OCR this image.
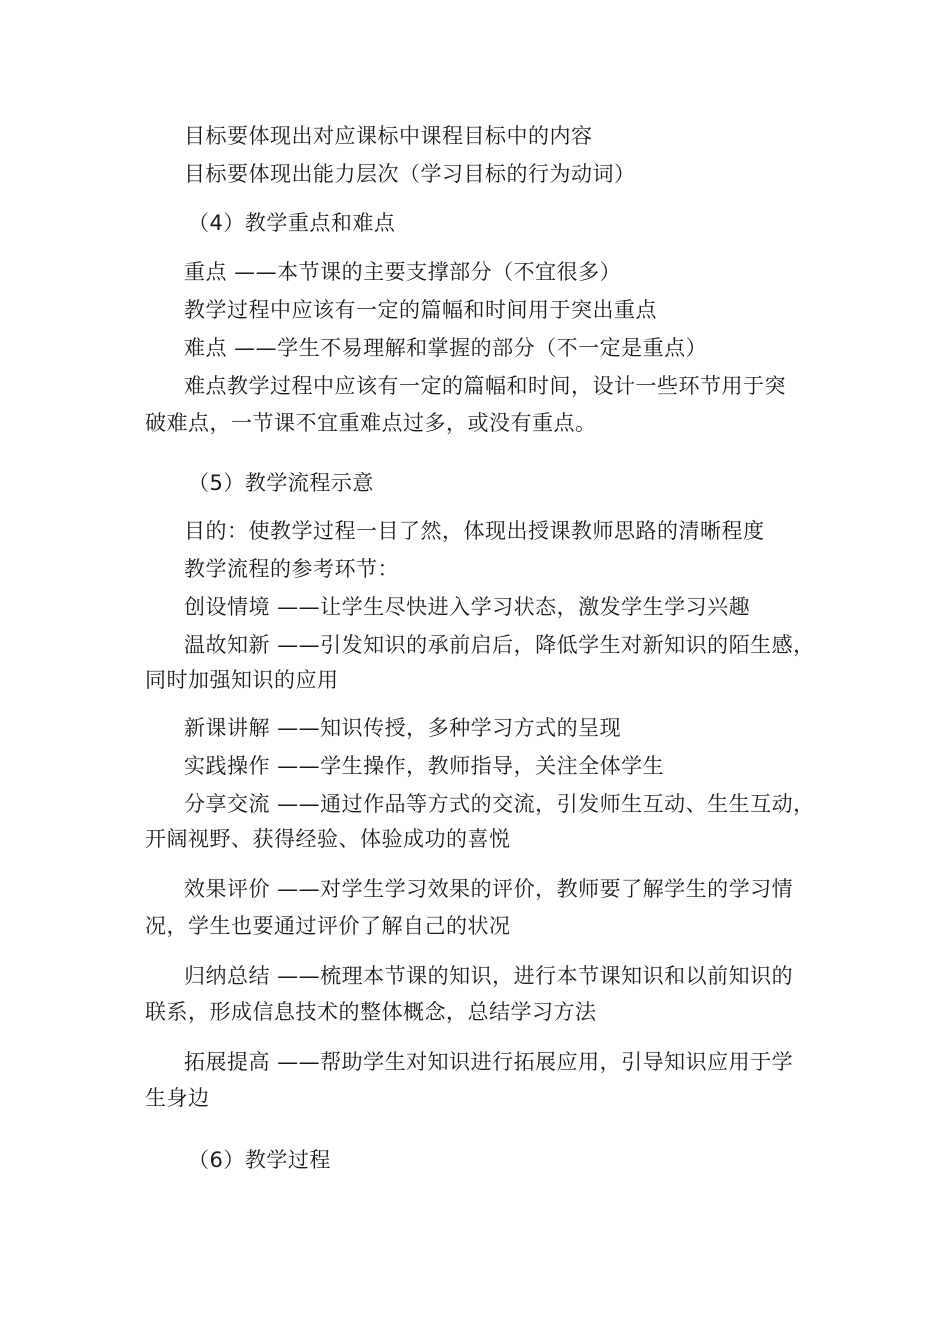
目标要体现出对应课标中课程目标中的内容
目标要体现出能力层次（学习目标的行为动词）
（4）教学重点和难点
重点 ——本节课的主要支撑部分（不宜很多）
教学过程中应该有一定的篇幅和时间用于突出重点
难点 ——学生不易理解和掌握的部分（不一定是重点）
难点教学过程中应该有一定的篇幅和时间，设计一些环节用于突
破难点，一节课不宜重难点过多，或没有重点。
（5）教学流程示意
目的：使教学过程一目了然，体现出授课教师思路的清晰程度
教学流程的参考环节：
创设情境 ——让学生尽快进入学习状态，激发学生学习兴趣
温故知新 ——引发知识的承前启后，降低学生对新知识的陌生感，
同时加强知识的应用
新课讲解 ——知识传授，多种学习方式的呈现
实践操作 ——学生操作，教师指导，关注全体学生
分享交流 ——通过作品等方式的交流，引发师生互动、生生互动，
开阔视野、获得经验、体验成功的喜悦
效果评价 ——对学生学习效果的评价，教师要了解学生的学习情
况，学生也要通过评价了解自己的状况
归纳总结 ——梳理本节课的知识，进行本节课知识和以前知识的
联系，形成信息技术的整体概念，总结学习方法
拓展提高 ——帮助学生对知识进行拓展应用，引导知识应用于学
生身边
（6）教学过程
